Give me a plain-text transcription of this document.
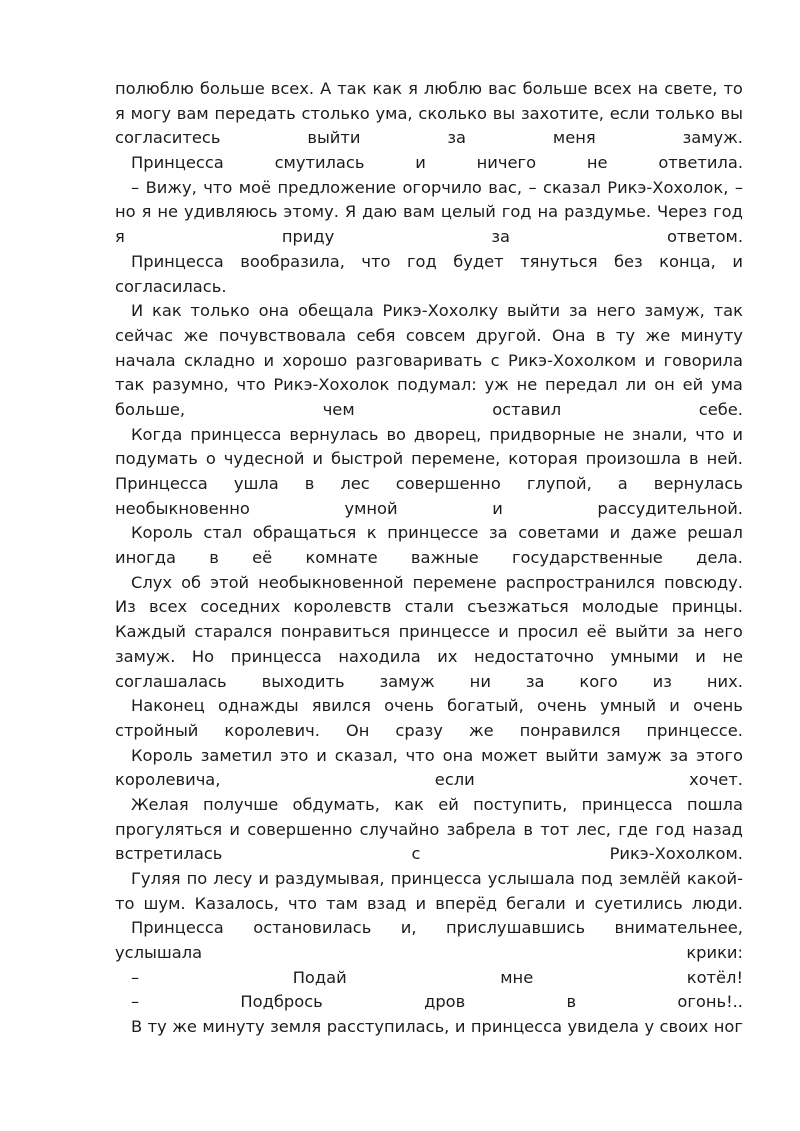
полюблю больше всех. А так как я люблю вас больше всех на свете, то
я могу вам передать столько ума, сколько вы захотите, если только вы
согласитесь	выйти	за	меня	замуж.
Принцесса	смутилась	и	ничего	не	ответила.
– Вижу, что моё предложение огорчило вас, – сказал Рикэ-Хохолок, –
но я не удивляюсь этому. Я даю вам целый год на раздумье. Через год
я	приду	за	ответом.
Принцесса вообразила, что год будет тянуться без конца, и
согласилась.
И как только она обещала Рикэ-Хохолку выйти за него замуж, так
сейчас же почувствовала себя совсем другой. Она в ту же минуту
начала складно и хорошо разговаривать с Рикэ-Хохолком и говорила
так разумно, что Рикэ-Хохолок подумал: уж не передал ли он ей ума
больше,	чем	оставил	себе.
Когда принцесса вернулась во дворец, придворные не знали, что и
подумать о чудесной и быстрой перемене, которая произошла в ней.
Принцесса ушла в лес совершенно глупой, а вернулась
необыкновенно	умной	и	рассудительной.
Король стал обращаться к принцессе за советами и даже решал
иногда в её комнате важные государственные дела.
Слух об этой необыкновенной перемене распространился повсюду.
Из всех соседних королевств стали съезжаться молодые принцы.
Каждый старался понравиться принцессе и просил её выйти за него
замуж. Но принцесса находила их недостаточно умными и не
соглашалась выходить замуж ни за кого из них.
Наконец однажды явился очень богатый, очень умный и очень
стройный королевич. Он сразу же понравился принцессе.
Король заметил это и сказал, что она может выйти замуж за этого
королевича,	если	хочет.
Желая получше обдумать, как ей поступить, принцесса пошла
прогуляться и совершенно случайно забрела в тот лес, где год назад
встретилась	с	Рикэ-Хохолком.
Гуляя по лесу и раздумывая, принцесса услышала под землёй какой-
то шум. Казалось, что там взад и вперёд бегали и суетились люди.
Принцесса остановилась и, прислушавшись внимательнее,
услышала	крики:
–	Подай	мне	котёл!
–	Подбрось	дров	в	огонь!..
В ту же минуту земля расступилась, и принцесса увидела у своих ног
